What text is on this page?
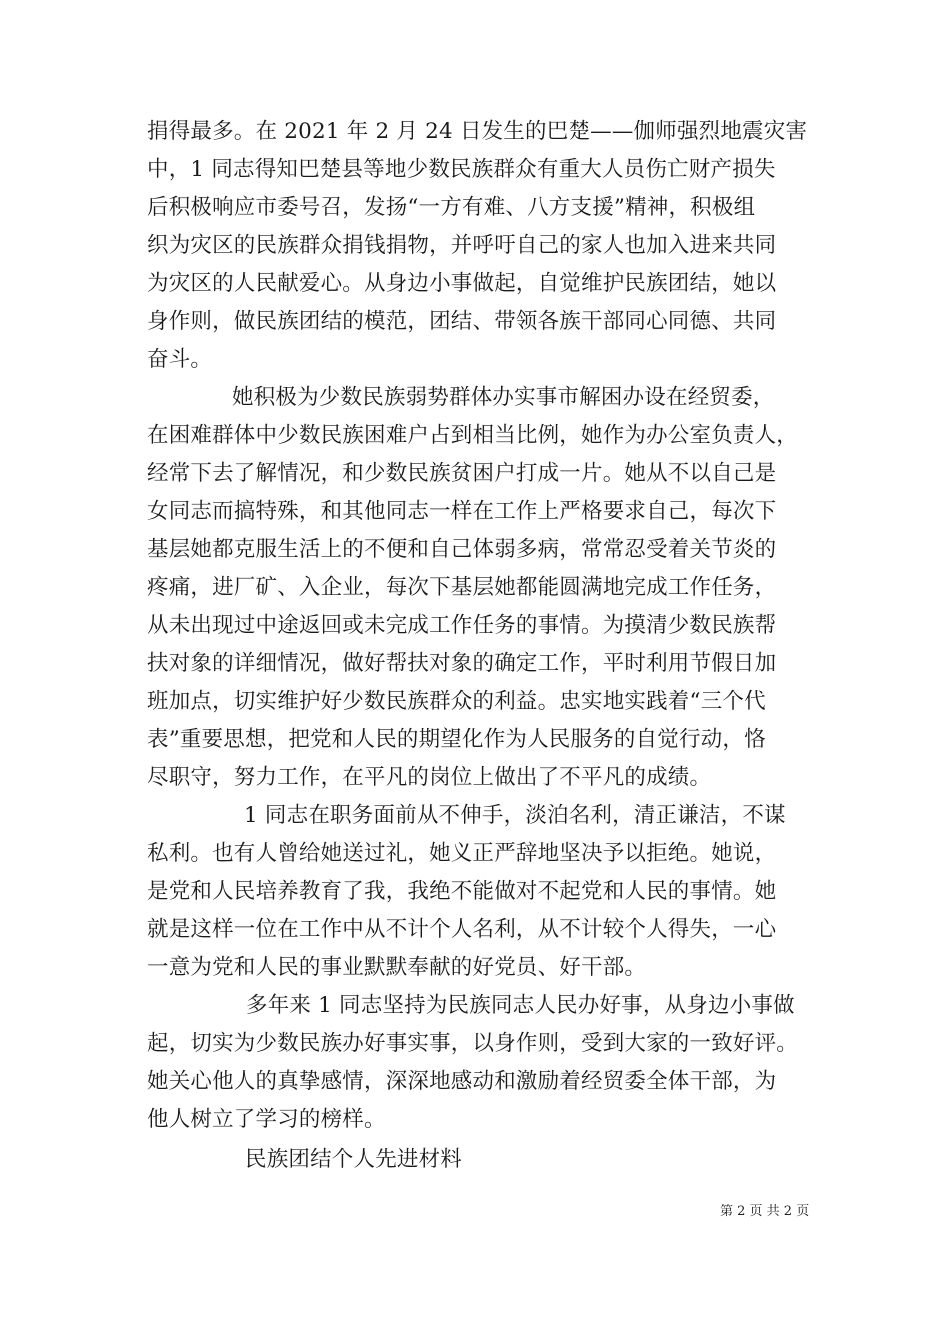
捐得最多。在 2021 年 2 月 24 日发生的巴楚——伽师强烈地震灾害
中，1 同志得知巴楚县等地少数民族群众有重大人员伤亡财产损失
后积极响应市委号召，发扬“一方有难、八方支援”精神，积极组
织为灾区的民族群众捐钱捐物，并呼吁自己的家人也加入进来共同
为灾区的人民献爱心。从身边小事做起，自觉维护民族团结，她以
身作则，做民族团结的模范，团结、带领各族干部同心同德、共同
奋斗。
她积极为少数民族弱势群体办实事市解困办设在经贸委，
在困难群体中少数民族困难户占到相当比例，她作为办公室负责人，
经常下去了解情况，和少数民族贫困户打成一片。她从不以自己是
女同志而搞特殊，和其他同志一样在工作上严格要求自己，每次下
基层她都克服生活上的不便和自己体弱多病，常常忍受着关节炎的
疼痛，进厂矿、入企业，每次下基层她都能圆满地完成工作任务，
从未出现过中途返回或未完成工作任务的事情。为摸清少数民族帮
扶对象的详细情况，做好帮扶对象的确定工作，平时利用节假日加
班加点，切实维护好少数民族群众的利益。忠实地实践着“三个代
表”重要思想，把党和人民的期望化作为人民服务的自觉行动，恪
尽职守，努力工作，在平凡的岗位上做出了不平凡的成绩。
1 同志在职务面前从不伸手，淡泊名利，清正谦洁，不谋
私利。也有人曾给她送过礼，她义正严辞地坚决予以拒绝。她说，
是党和人民培养教育了我，我绝不能做对不起党和人民的事情。她
就是这样一位在工作中从不计个人名利，从不计较个人得失，一心
一意为党和人民的事业默默奉献的好党员、好干部。
多年来 1 同志坚持为民族同志人民办好事，从身边小事做
起，切实为少数民族办好事实事，以身作则，受到大家的一致好评。
她关心他人的真挚感情，深深地感动和激励着经贸委全体干部，为
他人树立了学习的榜样。
民族团结个人先进材料
第 2 页 共 2 页
